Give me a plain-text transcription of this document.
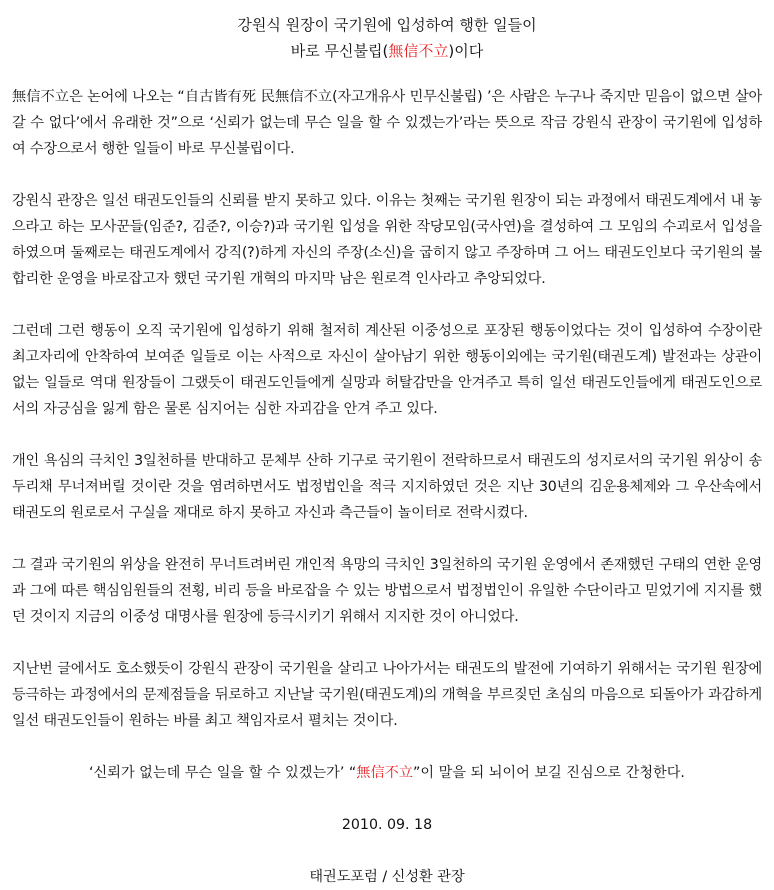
강원식 원장이 국기원에 입성하여 행한 일들이
바로 무신불립(無信不立)이다

無信不立은 논어에 나오는 “自古皆有死 民無信不立(자고개유사 민무신불립) ’은 사람은 누구나 죽지만 믿음이 없으면 살아갈 수 없다’에서 유래한 것”으로 ‘신뢰가 없는데 무슨 일을 할 수 있겠는가’라는 뜻으로 작금 강원식 관장이 국기원에 입성하여 수장으로서 행한 일들이 바로 무신불립이다.

강원식 관장은 일선 태권도인들의 신뢰를 받지 못하고 있다. 이유는 첫째는 국기원 원장이 되는 과정에서 태권도계에서 내 놓으라고 하는 모사꾼들(임준?, 김준?, 이승?)과 국기원 입성을 위한 작당모임(국사연)을 결성하여 그 모임의 수괴로서 입성을 하였으며 둘째로는 태권도계에서 강직(?)하게 자신의 주장(소신)을 굽히지 않고 주장하며 그 어느 태권도인보다 국기원의 불합리한 운영을 바로잡고자 했던 국기원 개혁의 마지막 남은 원로격 인사라고 추앙되었다.

그런데 그런 행동이 오직 국기원에 입성하기 위해 철저히 계산된 이중성으로 포장된 행동이었다는 것이 입성하여 수장이란 최고자리에 안착하여 보여준 일들로 이는 사적으로 자신이 살아남기 위한 행동이외에는 국기원(태권도계) 발전과는 상관이 없는 일들로 역대 원장들이 그랬듯이 태권도인들에게 실망과 허탈감만을 안겨주고 특히 일선 태권도인들에게 태권도인으로서의 자긍심을 잃게 함은 물론 심지어는 심한 자괴감을 안겨 주고 있다.

개인 욕심의 극치인 3일천하를 반대하고 문체부 산하 기구로 국기원이 전락하므로서 태권도의 성지로서의 국기원 위상이 송두리채 무너져버릴 것이란 것을 염려하면서도 법정법인을 적극 지지하였던 것은 지난 30년의 김운용체제와 그 우산속에서 태권도의 원로로서 구실을 재대로 하지 못하고 자신과 측근들이 놀이터로 전락시켰다.

그 결과 국기원의 위상을 완전히 무너트려버린 개인적 욕망의 극치인 3일천하의 국기원 운영에서 존재했던 구태의 연한 운영과 그에 따른 핵심임원들의 전횡, 비리 등을 바로잡을 수 있는 방법으로서 법정법인이 유일한 수단이라고 믿었기에 지지를 했던 것이지 지금의 이중성 대명사를 원장에 등극시키기 위해서 지지한 것이 아니었다.

지난번 글에서도 호소했듯이 강원식 관장이 국기원을 살리고 나아가서는 태권도의 발전에 기여하기 위해서는 국기원 원장에 등극하는 과정에서의 문제점들을 뒤로하고 지난날 국기원(태권도계)의 개혁을 부르짖던 초심의 마음으로 되돌아가 과감하게 일선 태권도인들이 원하는 바를 최고 책임자로서 펼치는 것이다.

‘신뢰가 없는데 무슨 일을 할 수 있겠는가’ “無信不立”이 말을 되 뇌이어 보길 진심으로 간청한다.

2010. 09. 18
태권도포럼 / 신성환 관장
